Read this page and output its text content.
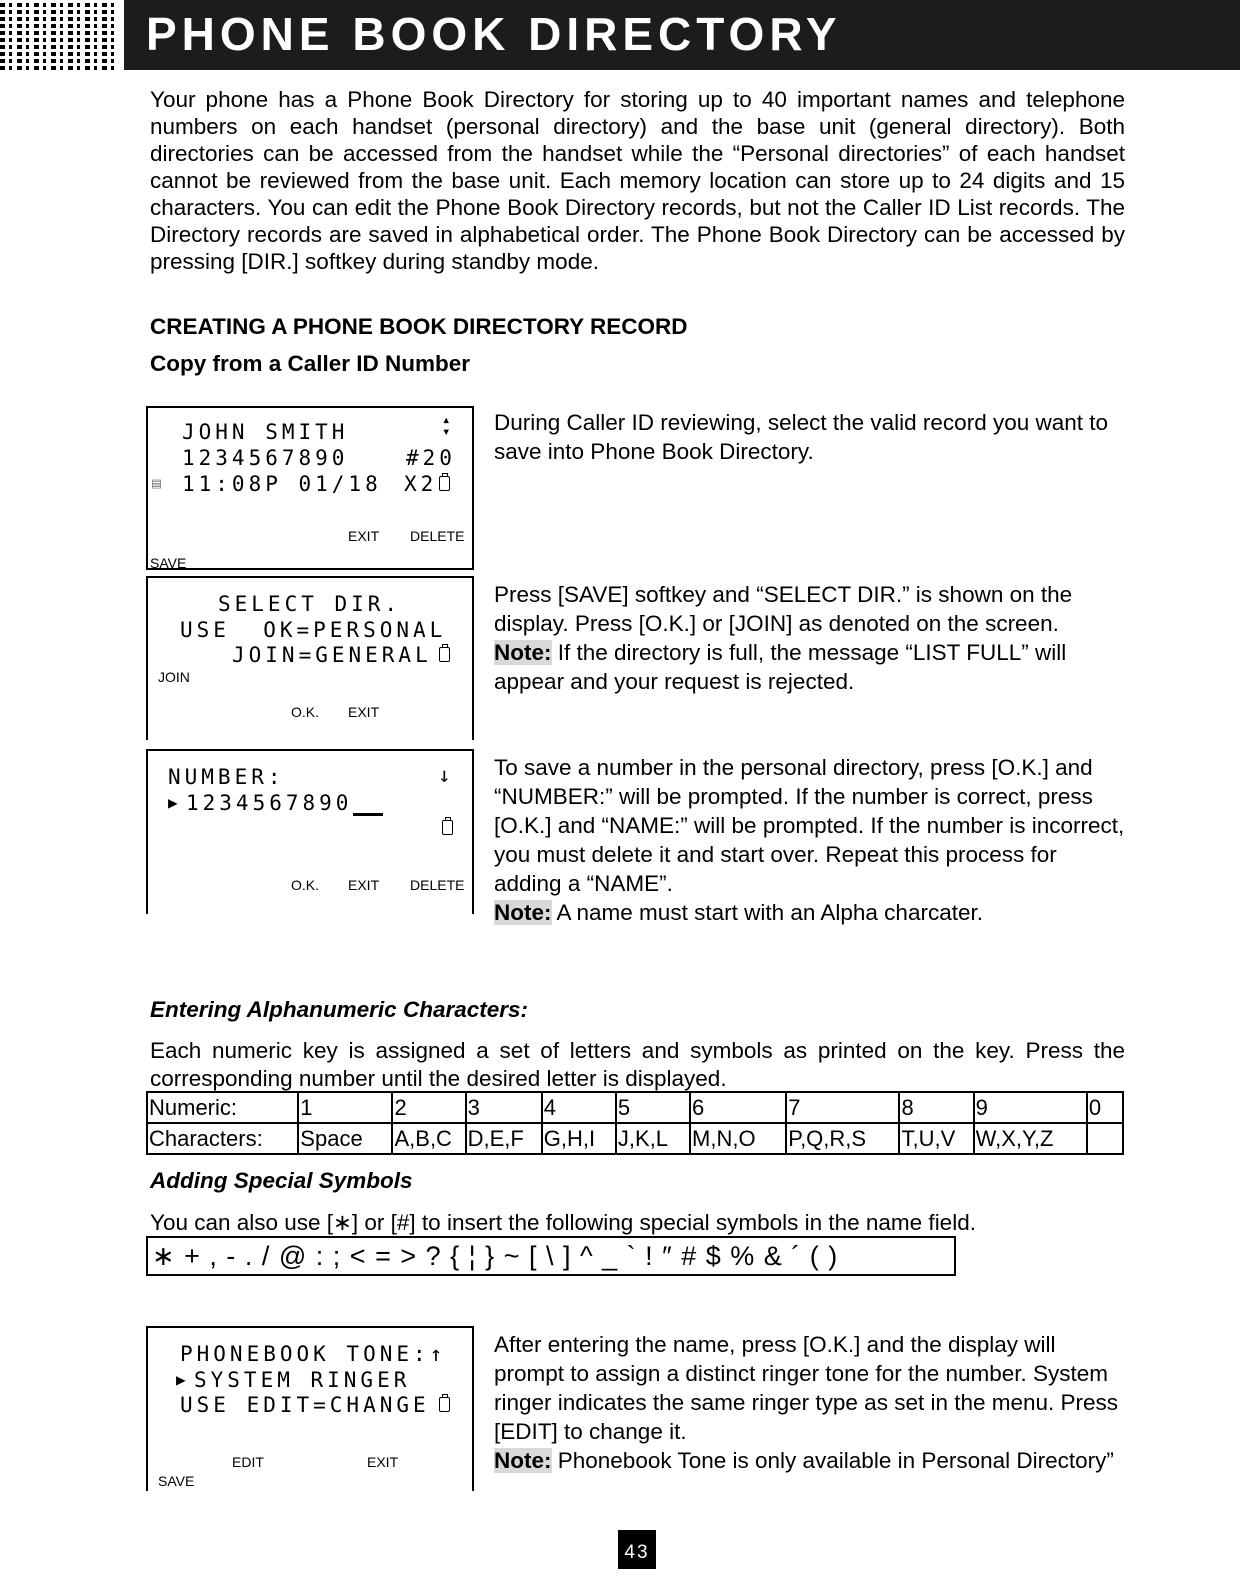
PHONE BOOK DIRECTORY
Your phone has a Phone Book Directory for storing up to 40 important names and telephone numbers on each handset (personal directory) and the base unit (general directory). Both directories can be accessed from the handset while the “Personal directories” of each handset cannot be reviewed from the base unit. Each memory location can store up to 24 digits and 15 characters. You can edit the Phone Book Directory records, but not the Caller ID List records. The Directory records are saved in alphabetical order. The Phone Book Directory can be accessed by pressing [DIR.] softkey during standby mode.
CREATING A PHONE BOOK DIRECTORY RECORD
Copy from a Caller ID Number
JOHN SMITH	▴
▾
1234567890	#20
▤ 11:08P 01/18 X2
EXIT DELETE
SAVE
During Caller ID reviewing, select the valid record you want to save into Phone Book Directory.
SELECT DIR.
USE  OK=PERSONAL
JOIN=GENERAL
JOIN
O.K. EXIT
Press [SAVE] softkey and “SELECT DIR.” is shown on the display. Press [O.K.] or [JOIN] as denoted on the screen.
Note: If the directory is full, the message “LIST FULL” will appear and your request is rejected.
NUMBER:	↓
▶ 1234567890
O.K. EXIT DELETE
To save a number in the personal directory, press [O.K.] and “NUMBER:” will be prompted. If the number is correct, press [O.K.] and “NAME:” will be prompted. If the number is incorrect, you must delete it and start over. Repeat this process for adding a “NAME”.
Note: A name must start with an Alpha charcater.
Entering Alphanumeric Characters:
Each numeric key is assigned a set of letters and symbols as printed on the key. Press the corresponding number until the desired letter is displayed.
Numeric:	1	2	3	4	5	6	7	8	9	0
Characters:	Space	A,B,C	D,E,F	G,H,I	J,K,L	M,N,O	P,Q,R,S	T,U,V	W,X,Y,Z	
Adding Special Symbols
You can also use [∗] or [#] to insert the following special symbols in the name field.
∗ + , - . / @ : ; < = > ? { ¦ } ~ [ \ ] ^ _ ` ! ″ # $ % & ´ ( )
PHONEBOOK TONE:↑
▶ SYSTEM RINGER
USE EDIT=CHANGE
EDIT	EXIT
SAVE
After entering the name, press [O.K.] and the display will prompt to assign a distinct ringer tone for the number. System ringer indicates the same ringer type as set in the menu. Press [EDIT] to change it.
Note: Phonebook Tone is only available in Personal Directory”
43
